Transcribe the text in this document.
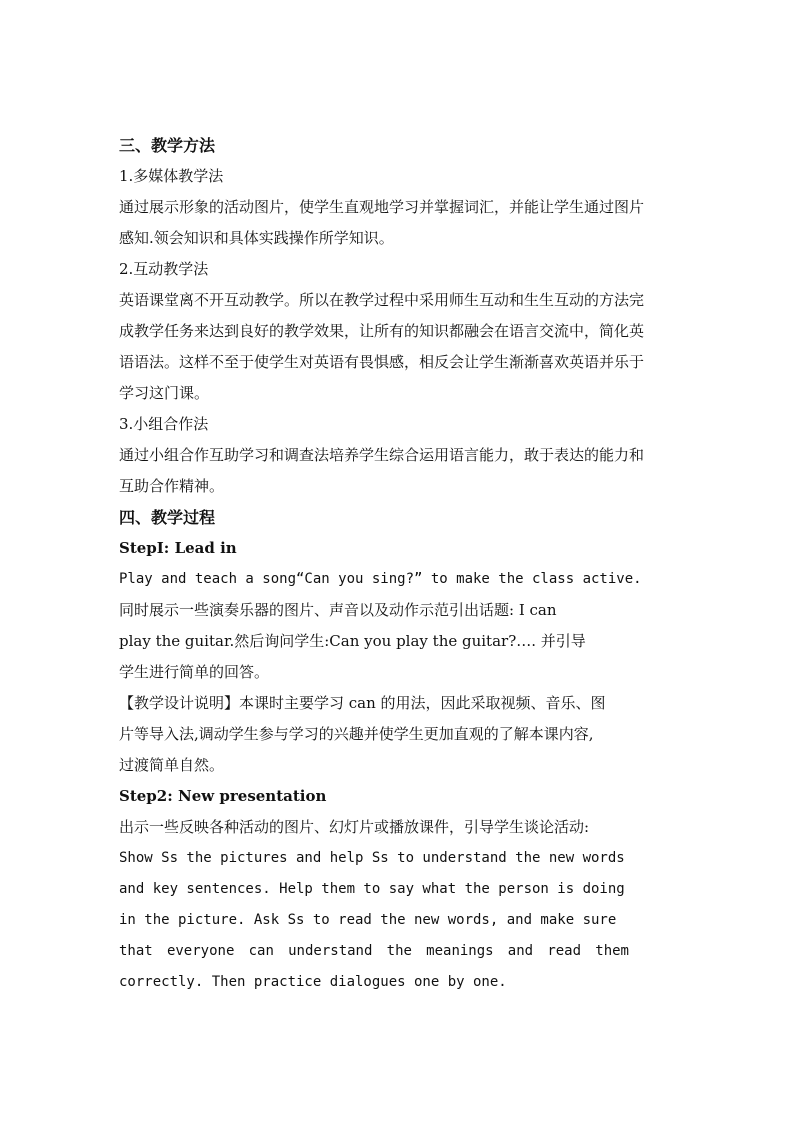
三、教学方法
1.多媒体教学法
通过展示形象的活动图片，使学生直观地学习并掌握词汇，并能让学生通过图片
感知.领会知识和具体实践操作所学知识。
2.互动教学法
英语课堂离不开互动教学。所以在教学过程中采用师生互动和生生互动的方法完
成教学任务来达到良好的教学效果，让所有的知识都融会在语言交流中，简化英
语语法。这样不至于使学生对英语有畏惧感，相反会让学生渐渐喜欢英语并乐于
学习这门课。
3.小组合作法
通过小组合作互助学习和调查法培养学生综合运用语言能力，敢于表达的能力和
互助合作精神。
四、教学过程
StepⅠ: Lead in
Play and teach a song“Can you sing?” to make the class active.
同时展示一些演奏乐器的图片、声音以及动作示范引出话题: I can
play the guitar.然后询问学生:Can you play the guitar?…. 并引导
学生进行简单的回答。
【教学设计说明】本课时主要学习 can 的用法，因此采取视频、音乐、图
片等导入法,调动学生参与学习的兴趣并使学生更加直观的了解本课内容,
过渡简单自然。
Step2: New presentation
出示一些反映各种活动的图片、幻灯片或播放课件，引导学生谈论活动:
Show Ss the pictures and help Ss to understand the new words
and key sentences. Help them to say what the person is doing
in the picture. Ask Ss to read the new words, and make sure
that everyone can understand the meanings and read them
correctly. Then practice dialogues one by one.
